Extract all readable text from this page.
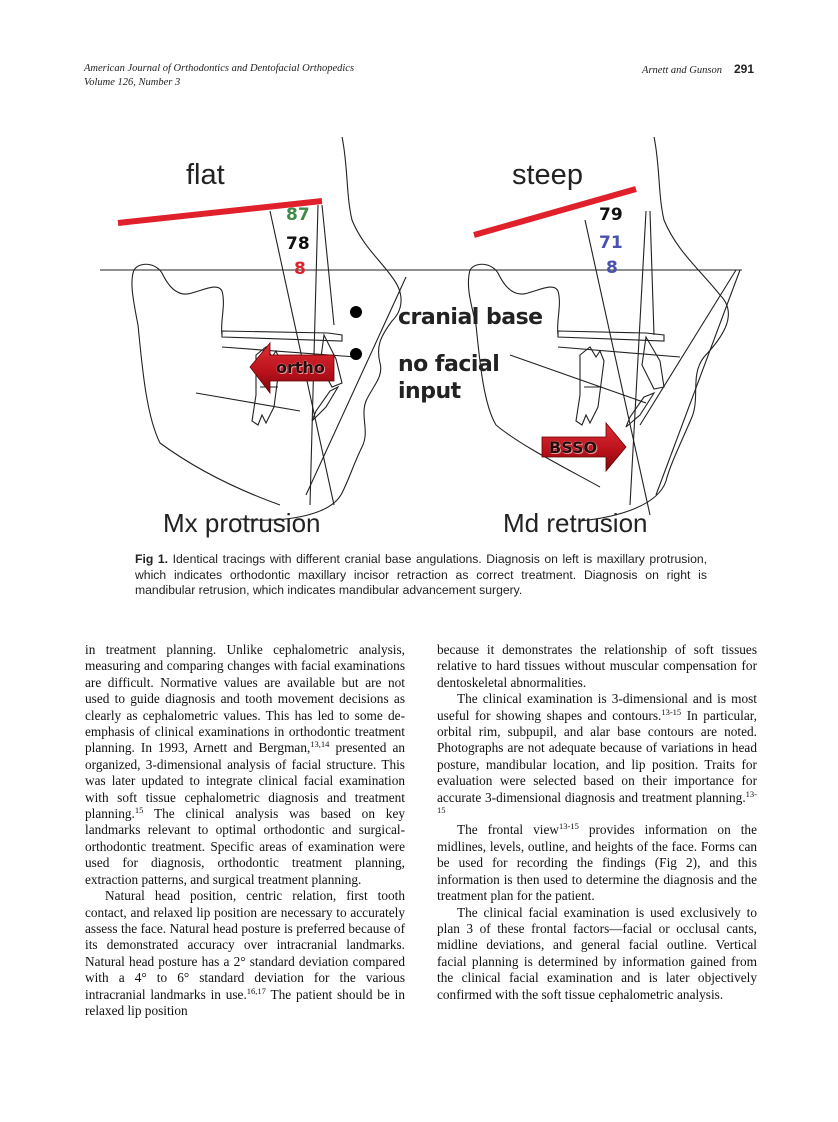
American Journal of Orthodontics and Dentofacial Orthopedics
Volume 126, Number 3
Arnett and Gunson 291
flat	steep
87
78
8
79
71
8
cranial base
no facial
input
ortho
BSSO
Mx protrusion	Md retrusion
Fig 1. Identical tracings with different cranial base angulations. Diagnosis on left is maxillary protrusion, which indicates orthodontic maxillary incisor retraction as correct treatment. Diagnosis on right is mandibular retrusion, which indicates mandibular advancement surgery.

in treatment planning. Unlike cephalometric analysis, measuring and comparing changes with facial examinations are difficult. Normative values are available but are not used to guide diagnosis and tooth movement decisions as clearly as cephalometric values. This has led to some de-emphasis of clinical examinations in orthodontic treatment planning. In 1993, Arnett and Bergman,$^{13,14}$ presented an organized, 3-dimensional analysis of facial structure. This was later updated to integrate clinical facial examination with soft tissue cephalometric diagnosis and treatment planning.$^{15}$ The clinical analysis was based on key landmarks relevant to optimal orthodontic and surgical-orthodontic treatment. Specific areas of examination were used for diagnosis, orthodontic treatment planning, extraction patterns, and surgical treatment planning.

Natural head position, centric relation, first tooth contact, and relaxed lip position are necessary to accurately assess the face. Natural head posture is preferred because of its demonstrated accuracy over intracranial landmarks. Natural head posture has a 2° standard deviation compared with a 4° to 6° standard deviation for the various intracranial landmarks in use.$^{16,17}$ The patient should be in relaxed lip position

because it demonstrates the relationship of soft tissues relative to hard tissues without muscular compensation for dentoskeletal abnormalities.

The clinical examination is 3-dimensional and is most useful for showing shapes and contours.$^{13-15}$ In particular, orbital rim, subpupil, and alar base contours are noted. Photographs are not adequate because of variations in head posture, mandibular location, and lip position. Traits for evaluation were selected based on their importance for accurate 3-dimensional diagnosis and treatment planning.$^{13-15}$

The frontal view$^{13-15}$ provides information on the midlines, levels, outline, and heights of the face. Forms can be used for recording the findings (Fig 2), and this information is then used to determine the diagnosis and the treatment plan for the patient.

The clinical facial examination is used exclusively to plan 3 of these frontal factors—facial or occlusal cants, midline deviations, and general facial outline. Vertical facial planning is determined by information gained from the clinical facial examination and is later objectively confirmed with the soft tissue cephalometric analysis.
